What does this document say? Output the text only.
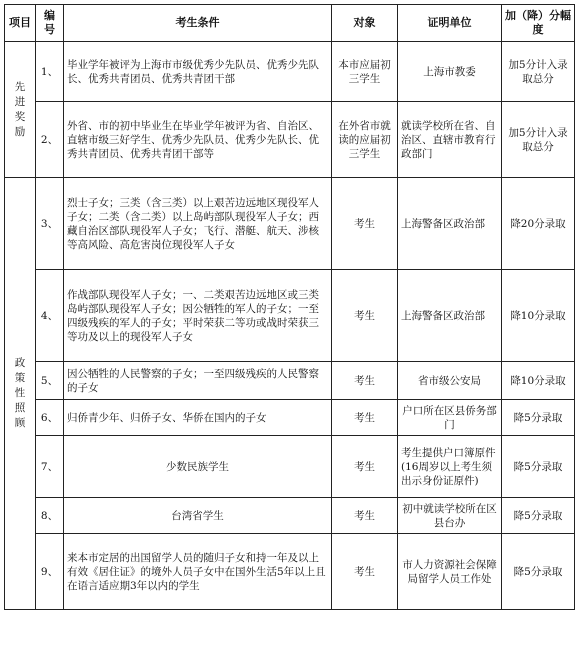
项目	编号	考生条件	对象	证明单位	加（降）分幅度

先进奖励	1、	毕业学年被评为上海市市级优秀少先队员、优秀少先队长、优秀共青团员、优秀共青团干部	本市应届初三学生	上海市教委	加5分计入录取总分
	2、	外省、市的初中毕业生在毕业学年被评为省、自治区、直辖市级三好学生、优秀少先队员、优秀少先队长、优秀共青团员、优秀共青团干部等	在外省市就读的应届初三学生	就读学校所在省、自治区、直辖市教育行政部门	加5分计入录取总分

政策性照顾	3、	烈士子女；三类（含三类）以上艰苦边远地区现役军人子女；二类（含二类）以上岛屿部队现役军人子女；西藏自治区部队现役军人子女；飞行、潜艇、航天、涉核等高风险、高危害岗位现役军人子女	考生	上海警备区政治部	降20分录取
	4、	作战部队现役军人子女；一、二类艰苦边远地区或三类岛屿部队现役军人子女；因公牺牲的军人的子女；一至四级残疾的军人的子女；平时荣获二等功或战时荣获三等功及以上的现役军人子女	考生	上海警备区政治部	降10分录取
	5、	因公牺牲的人民警察的子女；一至四级残疾的人民警察的子女	考生	省市级公安局	降10分录取
	6、	归侨青少年、归侨子女、华侨在国内的子女	考生	户口所在区县侨务部门	降5分录取
	7、	少数民族学生	考生	考生提供户口簿原件(16周岁以上考生须出示身份证原件)	降5分录取
	8、	台湾省学生	考生	初中就读学校所在区县台办	降5分录取
	9、	来本市定居的出国留学人员的随归子女和持一年及以上有效《居住证》的境外人员子女中在国外生活5年以上且在语言适应期3年以内的学生	考生	市人力资源社会保障局留学人员工作处	降5分录取
